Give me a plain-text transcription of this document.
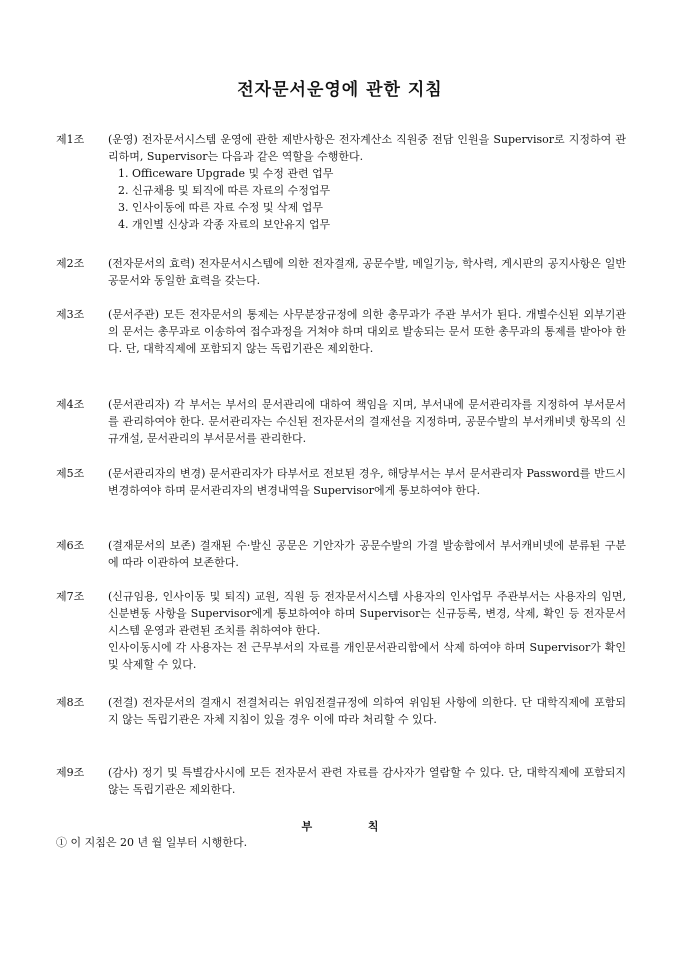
전자문서운영에 관한 지침
제1조	(운영) 전자문서시스템 운영에 관한 제반사항은 전자계산소 직원중 전담 인원을 Supervisor로 지정하여 관리하며, Supervisor는 다음과 같은 역할을 수행한다.
1. Officeware Upgrade 및 수정 관련 업무
2. 신규채용 및 퇴직에 따른 자료의 수정업무
3. 인사이동에 따른 자료 수정 및 삭제 업무
4. 개인별 신상과 각종 자료의 보안유지 업무
제2조	(전자문서의 효력) 전자문서시스템에 의한 전자결재, 공문수발, 메일기능, 학사력, 게시판의 공지사항은 일반 공문서와 동일한 효력을 갖는다.
제3조	(문서주관) 모든 전자문서의 통제는 사무분장규정에 의한 총무과가 주관 부서가 된다. 개별수신된 외부기관의 문서는 총무과로 이송하여 접수과정을 거쳐야 하며 대외로 발송되는 문서 또한 총무과의 통제를 받아야 한다. 단, 대학직제에 포함되지 않는 독립기관은 제외한다.
제4조	(문서관리자) 각 부서는 부서의 문서관리에 대하여 책임을 지며, 부서내에 문서관리자를 지정하여 부서문서를 관리하여야 한다. 문서관리자는 수신된 전자문서의 결재선을 지정하며, 공문수발의 부서캐비넷 항목의 신규개설, 문서관리의 부서문서를 관리한다.
제5조	(문서관리자의 변경) 문서관리자가 타부서로 전보된 경우, 해당부서는 부서 문서관리자 Password를 반드시 변경하여야 하며 문서관리자의 변경내역을 Supervisor에게 통보하여야 한다.
제6조	(결재문서의 보존) 결재된 수·발신 공문은 기안자가 공문수발의 가결 발송함에서 부서캐비넷에 분류된 구분에 따라 이관하여 보존한다.
제7조	(신규임용, 인사이동 및 퇴직) 교원, 직원 등 전자문서시스템 사용자의 인사업무 주관부서는 사용자의 임면, 신분변동 사항을 Supervisor에게 통보하여야 하며 Supervisor는 신규등록, 변경, 삭제, 확인 등 전자문서시스템 운영과 관련된 조치를 취하여야 한다.
인사이동시에 각 사용자는 전 근무부서의 자료를 개인문서관리함에서 삭제 하여야 하며 Supervisor가 확인 및 삭제할 수 있다.
제8조	(전결) 전자문서의 결재시 전결처리는 위임전결규정에 의하여 위임된 사항에 의한다. 단 대학직제에 포함되지 않는 독립기관은 자체 지침이 있을 경우 이에 따라 처리할 수 있다.
제9조	(감사) 정기 및 특별감사시에 모든 전자문서 관련 자료를 감사자가 열람할 수 있다. 단, 대학직제에 포함되지 않는 독립기관은 제외한다.
부 칙
① 이 지침은 20 년 월 일부터 시행한다.
